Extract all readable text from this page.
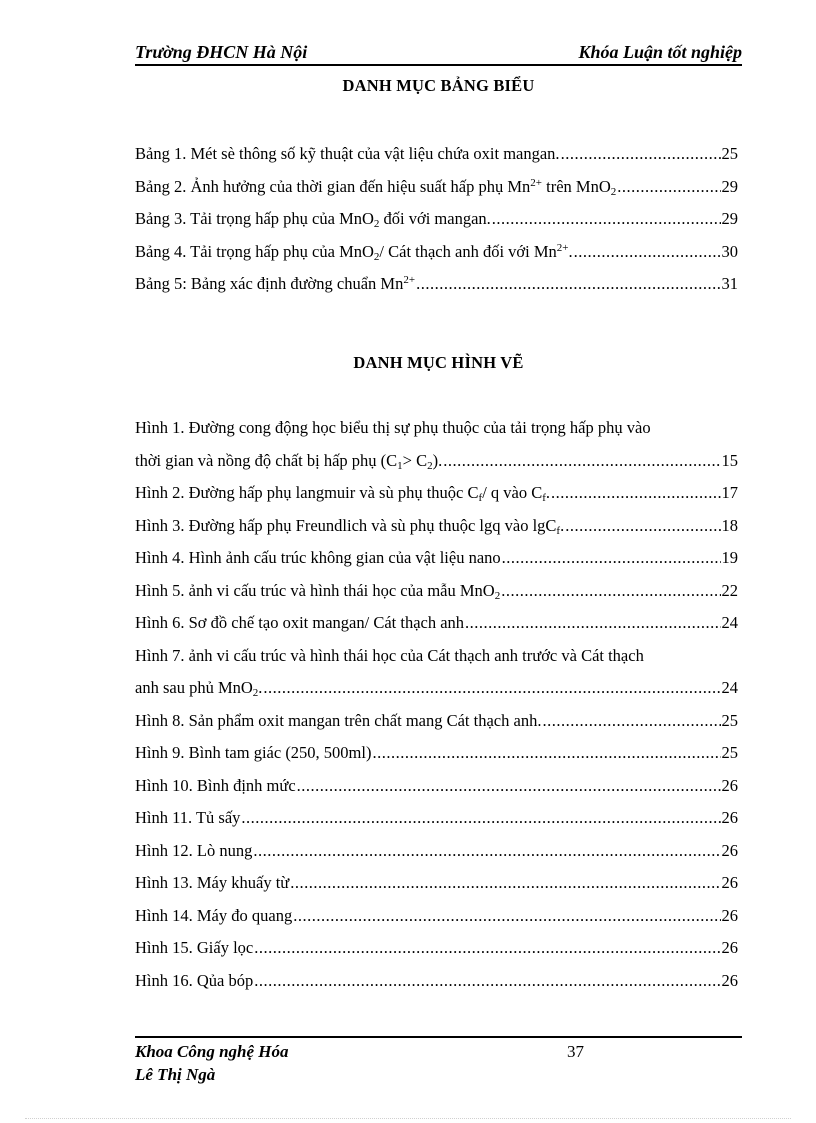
Trường ĐHCN Hà Nội	Khóa Luận tốt nghiệp
DANH MỤC BẢNG BIỂU
Bảng 1. Mét sè thông số kỹ thuật của vật liệu chứa oxit mangan. .....	25
Bảng 2. Ảnh hưởng của thời gian đến hiệu suất hấp phụ $Mn^{2+}$ trên MnO$_2$ .....	29
Bảng 3. Tải trọng hấp phụ của MnO$_2$ đối với mangan. .....	29
Bảng 4. Tải trọng hấp phụ của MnO$_2$/ Cát thạch anh đối với $Mn^{2+}$. .....	30
Bảng 5: Bảng xác định đường chuẩn $Mn^{2+}$ .....	31
DANH MỤC HÌNH VẼ
Hình 1. Đường cong động học biểu thị sự phụ thuộc của tải trọng hấp phụ vào
thời gian và nồng độ chất bị hấp phụ $(C_1> C_2)$. .....	15
Hình 2. Đường hấp phụ langmuir và sù phụ thuộc $C_f/$ q vào $C_f$. .....	17
Hình 3. Đường hấp phụ Freundlich và sù phụ thuộc lgq vào lgC$_f$. .....	18
Hình 4. Hình ảnh cấu trúc không gian của vật liệu nano .....	19
Hình 5. ảnh vi cấu trúc và hình thái học của mẫu MnO$_2$ .....	22
Hình 6. Sơ đồ chế tạo oxit mangan/ Cát thạch anh .....	24
Hình 7. ảnh vi cấu trúc và hình thái học của Cát thạch anh trước và Cát thạch
anh sau phủ MnO$_2$. .....	24
Hình 8. Sản phẩm oxit mangan trên chất mang Cát thạch anh. .....	25
Hình 9. Bình tam giác (250, 500ml) .....	25
Hình 10. Bình định mức .....	26
Hình 11. Tủ sấy .....	26
Hình 12. Lò nung .....	26
Hình 13. Máy khuấy từ .....	26
Hình 14. Máy đo quang .....	26
Hình 15. Giấy lọc .....	26
Hình 16. Qủa bóp .....	26
Khoa Công nghệ Hóa
Lê Thị Ngà
37
